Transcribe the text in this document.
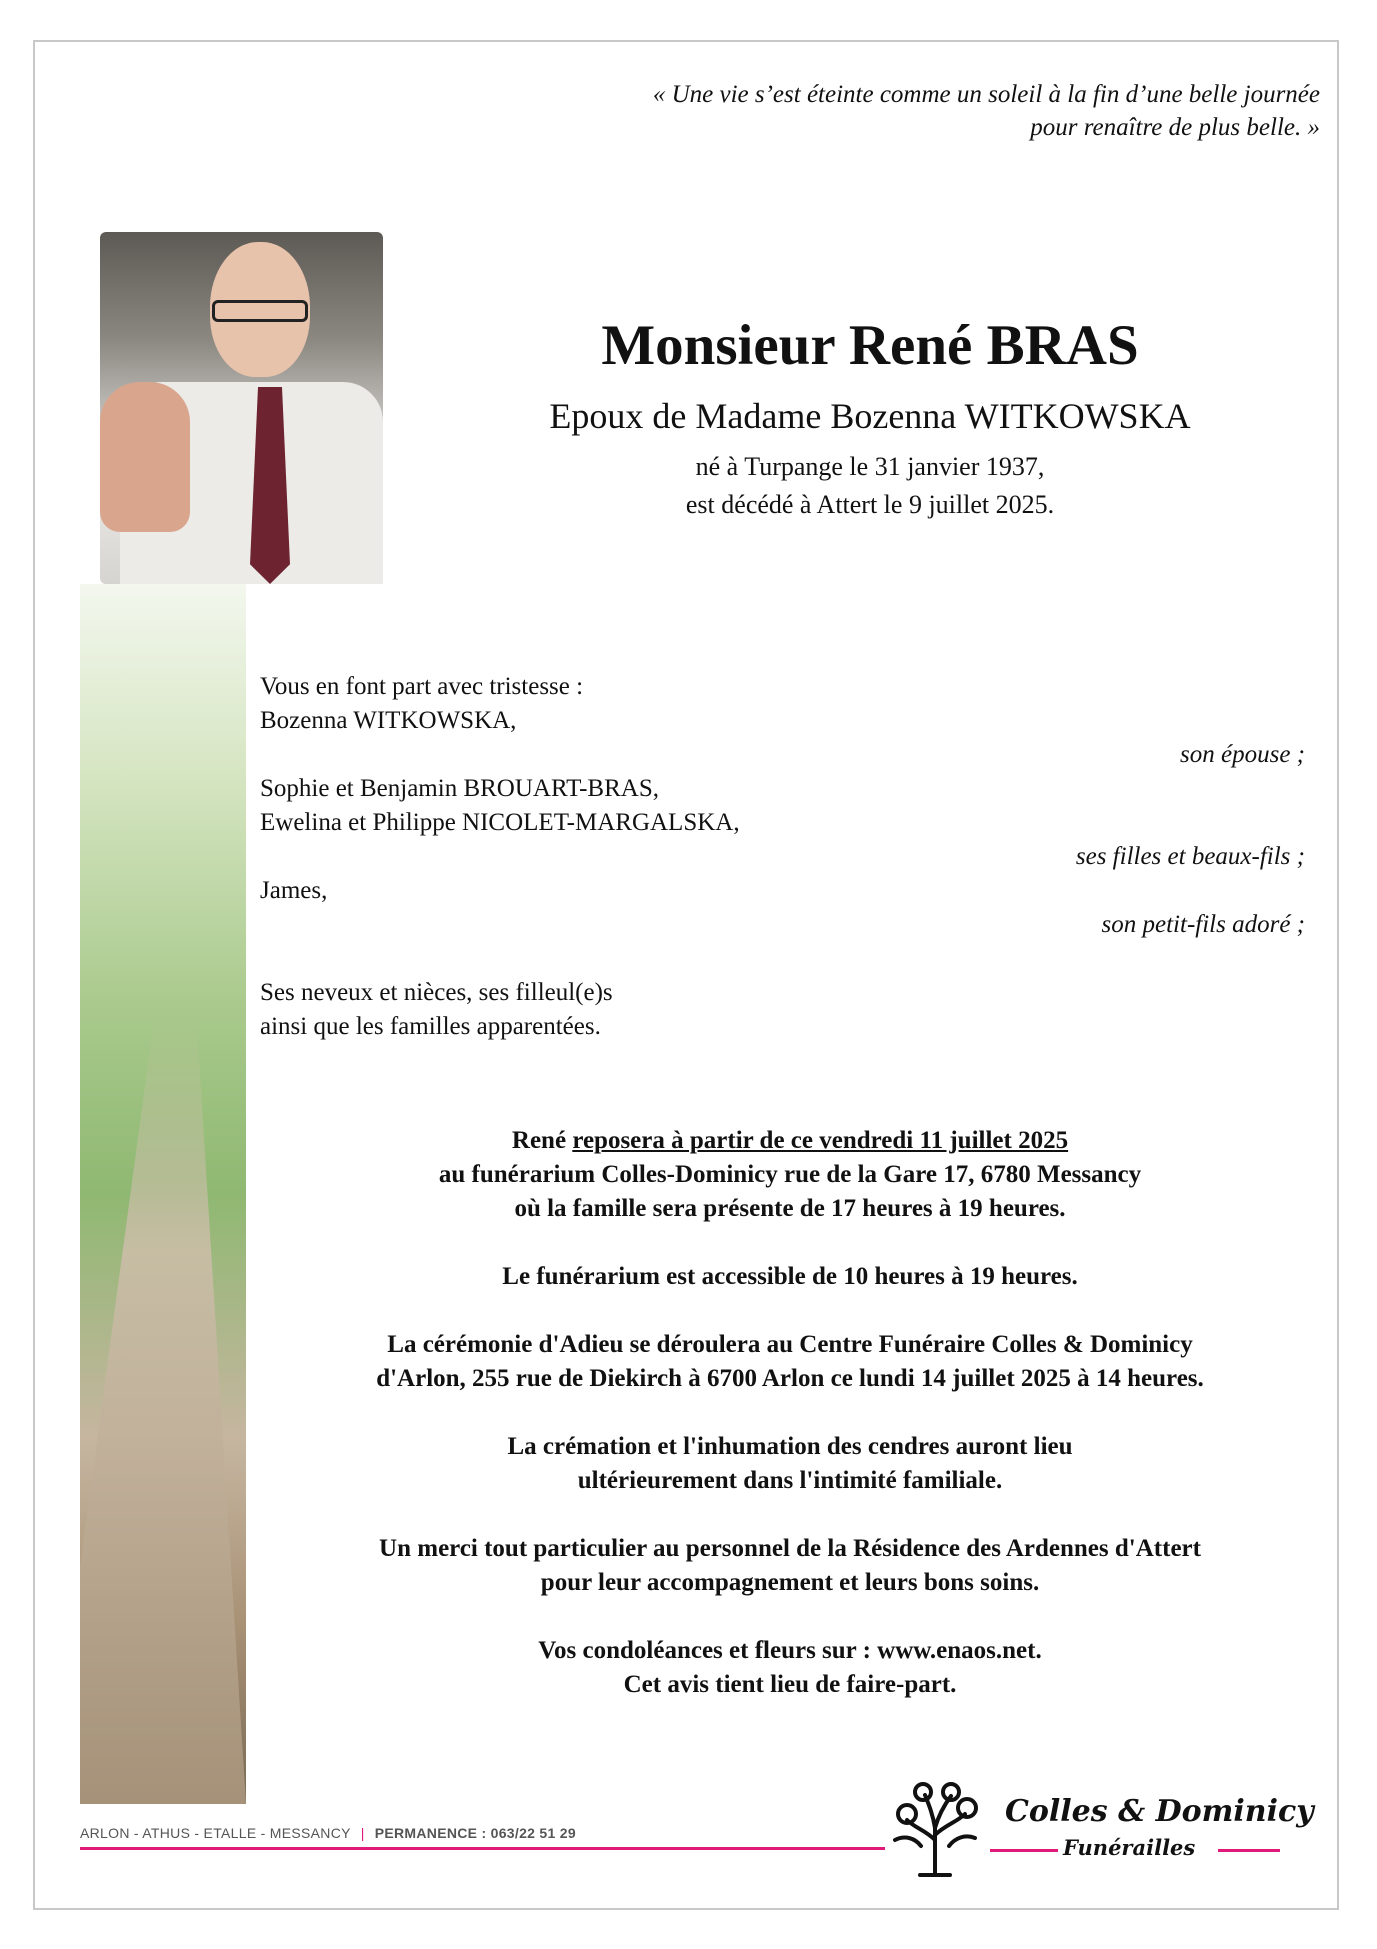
« Une vie s’est éteinte comme un soleil à la fin d’une belle journée
pour renaître de plus belle. »
Monsieur René BRAS
Epoux de Madame Bozenna WITKOWSKA
né à Turpange le 31 janvier 1937,
est décédé à Attert le 9 juillet 2025.
Vous en font part avec tristesse :
Bozenna WITKOWSKA,
son épouse ;
Sophie et Benjamin BROUART-BRAS,
Ewelina et Philippe NICOLET-MARGALSKA,
ses filles et beaux-fils ;
James,
son petit-fils adoré ;
Ses neveux et nièces, ses filleul(e)s
ainsi que les familles apparentées.
René reposera à partir de ce vendredi 11 juillet 2025
au funérarium Colles-Dominicy rue de la Gare 17, 6780 Messancy
où la famille sera présente de 17 heures à 19 heures.
Le funérarium est accessible de 10 heures à 19 heures.
La cérémonie d'Adieu se déroulera au Centre Funéraire Colles & Dominicy
d'Arlon, 255 rue de Diekirch à 6700 Arlon ce lundi 14 juillet 2025 à 14 heures.
La crémation et l'inhumation des cendres auront lieu
ultérieurement dans l'intimité familiale.
Un merci tout particulier au personnel de la Résidence des Ardennes d'Attert
pour leur accompagnement et leurs bons soins.
Vos condoléances et fleurs sur : www.enaos.net.
Cet avis tient lieu de faire-part.
ARLON - ATHUS - ETALLE - MESSANCY | PERMANENCE : 063/22 51 29
Colles & Dominicy
Funérailles
